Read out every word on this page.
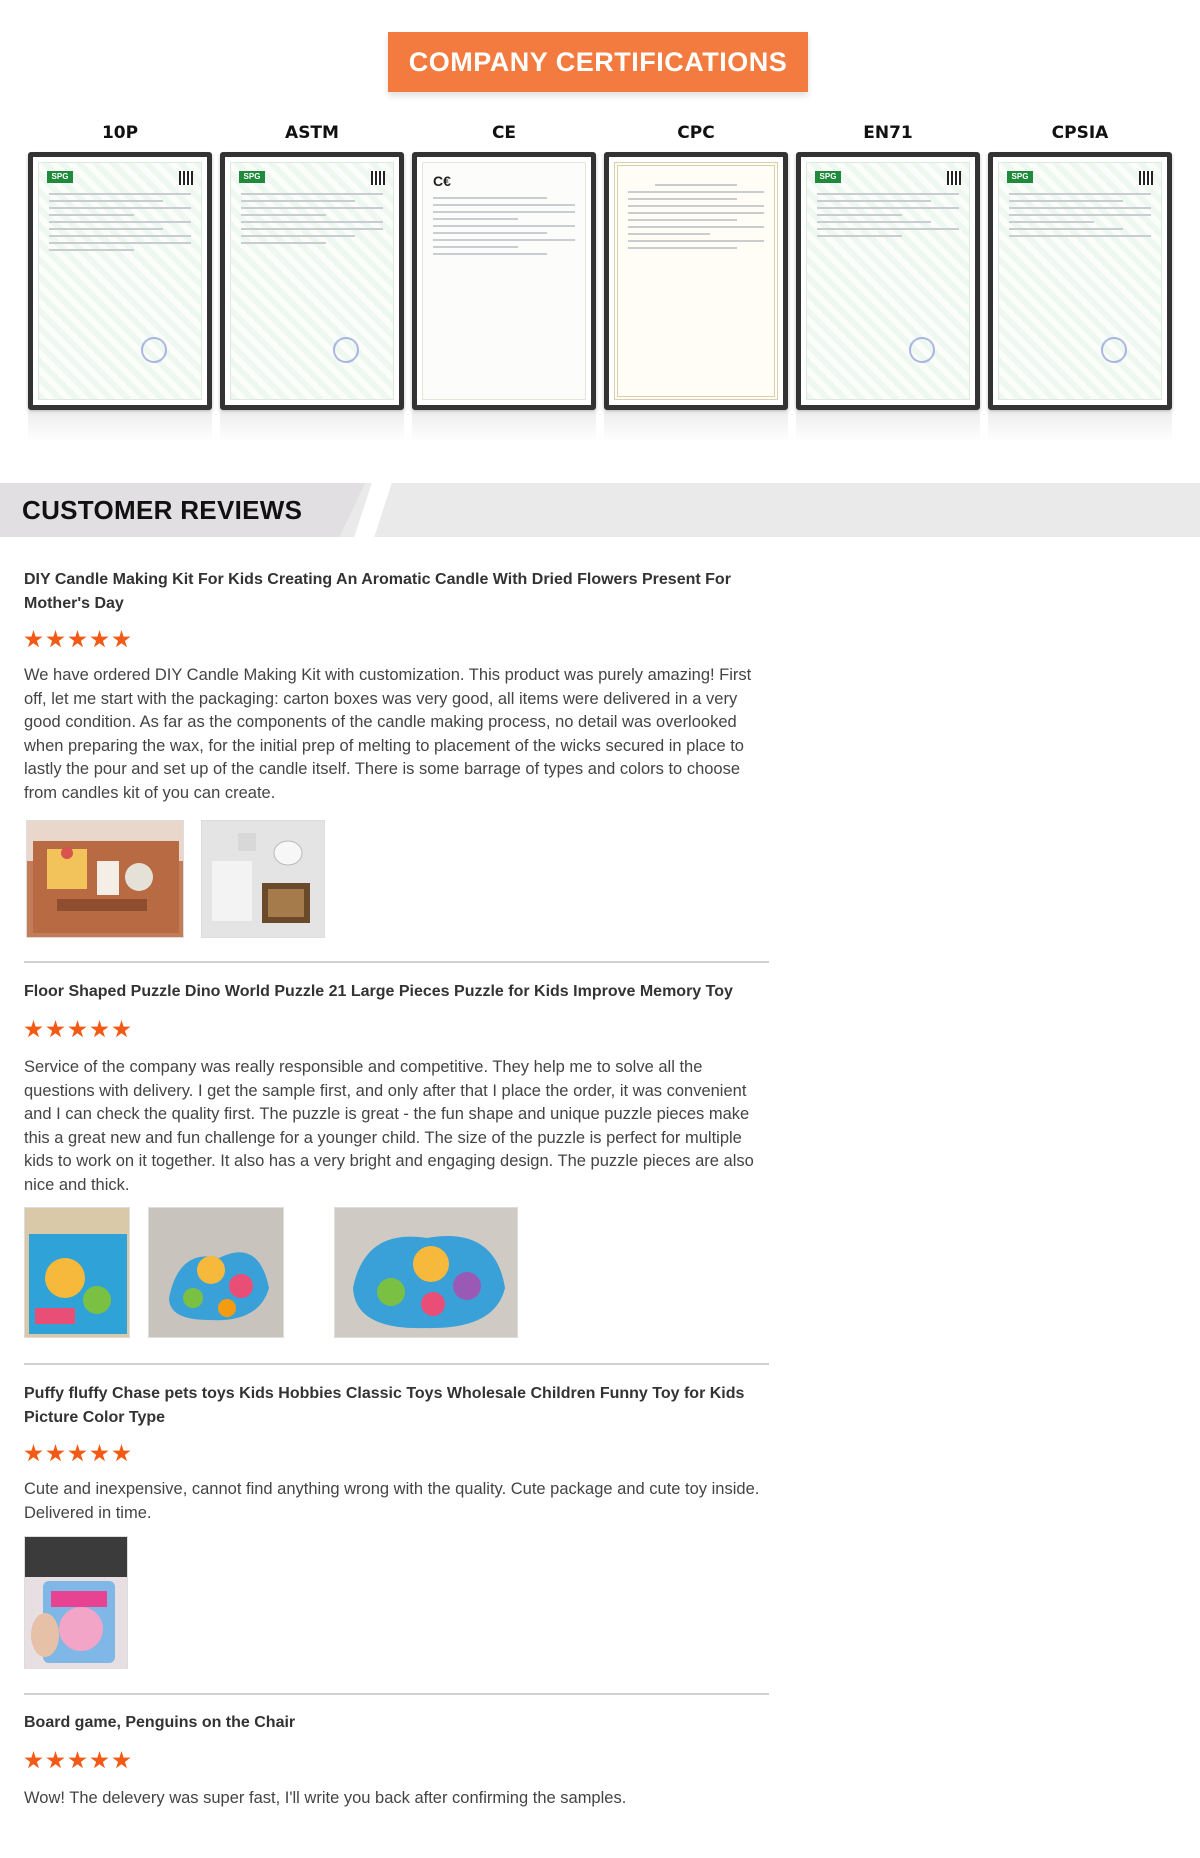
COMPANY CERTIFICATIONS
10P
SPG
ASTM
SPG
CE
C€
CPC	EN71
SPG
CPSIA
SPG
CUSTOMER REVIEWS
DIY Candle Making Kit For Kids Creating An Aromatic Candle With Dried Flowers Present For Mother's Day
We have ordered DIY Candle Making Kit with customization. This product was purely amazing! First off, let me start with the packaging: carton boxes was very good, all items were delivered in a very good condition. As far as the components of the candle making process, no detail was overlooked when preparing the wax, for the initial prep of melting to placement of the wicks secured in place to lastly the pour and set up of the candle itself. There is some barrage of types and colors to choose from candles kit of you can create.
Floor Shaped Puzzle Dino World Puzzle 21 Large Pieces Puzzle for Kids Improve Memory Toy
Service of the company was really responsible and competitive. They help me to solve all the questions with delivery. I get the sample first, and only after that I place the order, it was convenient and I can check the quality first. The puzzle is great - the fun shape and unique puzzle pieces make this a great new and fun challenge for a younger child. The size of the puzzle is perfect for multiple kids to work on it together. It also has a very bright and engaging design. The puzzle pieces are also nice and thick.
Puffy fluffy Chase pets toys Kids Hobbies Classic Toys Wholesale Children Funny Toy for Kids Picture Color Type
Cute and inexpensive, cannot find anything wrong with the quality. Cute package and cute toy inside. Delivered in time.
Board game, Penguins on the Chair
Wow! The delevery was super fast, I'll write you back after confirming the samples.
